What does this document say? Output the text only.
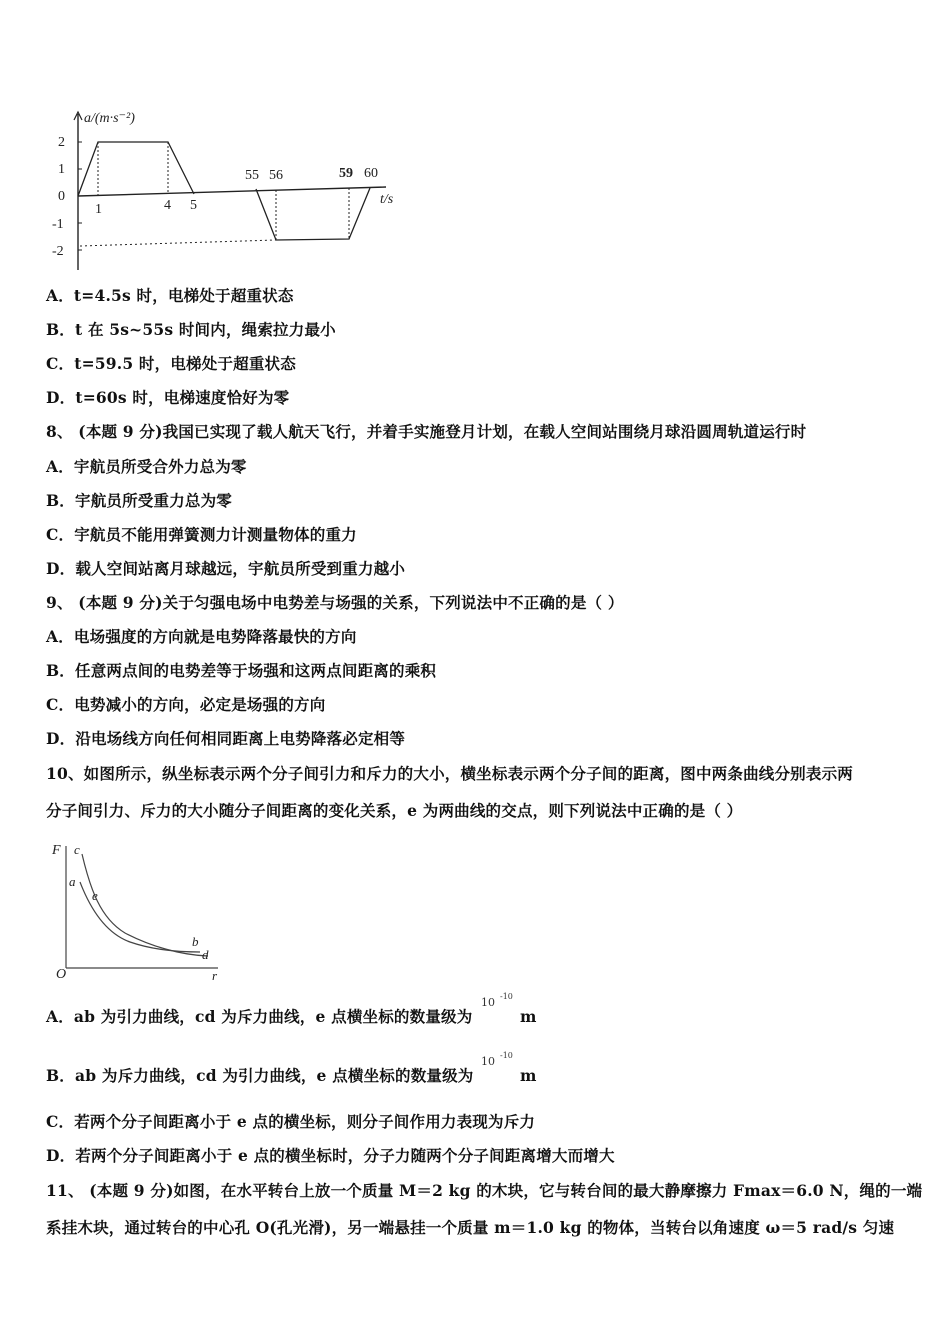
a/(m·s⁻²)
2
1
0
-1
-2
1	4 5
55 56	59 60
t/s
A．t=4.5s 时，电梯处于超重状态
B．t 在 5s~55s 时间内，绳索拉力最小
C．t=59.5 时，电梯处于超重状态
D．t=60s 时，电梯速度恰好为零
8、 (本题 9 分)我国已实现了载人航天飞行，并着手实施登月计划，在载人空间站围绕月球沿圆周轨道运行时
A．宇航员所受合外力总为零
B．宇航员所受重力总为零
C．宇航员不能用弹簧测力计测量物体的重力
D．载人空间站离月球越远，宇航员所受到重力越小
9、 (本题 9 分)关于匀强电场中电势差与场强的关系，下列说法中不正确的是（ ）
A．电场强度的方向就是电势降落最快的方向
B．任意两点间的电势差等于场强和这两点间距离的乘积
C．电势减小的方向，必定是场强的方向
D．沿电场线方向任何相同距离上电势降落必定相等
10、如图所示，纵坐标表示两个分子间引力和斥力的大小，横坐标表示两个分子间的距离，图中两条曲线分别表示两
分子间引力、斥力的大小随分子间距离的变化关系，e 为两曲线的交点，则下列说法中正确的是（ ）
F c
a
e
b
d
O	r
A．ab 为引力曲线，cd 为斥力曲线，e 点横坐标的数量级为
10 -10
m
B．ab 为斥力曲线，cd 为引力曲线，e 点横坐标的数量级为
10 -10
m
C．若两个分子间距离小于 e 点的横坐标，则分子间作用力表现为斥力
D．若两个分子间距离小于 e 点的横坐标时，分子力随两个分子间距离增大而增大
11、 (本题 9 分)如图，在水平转台上放一个质量 M＝2 kg 的木块，它与转台间的最大静摩擦力 Fmax＝6.0 N，绳的一端
系挂木块，通过转台的中心孔 O(孔光滑)，另一端悬挂一个质量 m＝1.0 kg 的物体，当转台以角速度 ω＝5 rad/s 匀速
